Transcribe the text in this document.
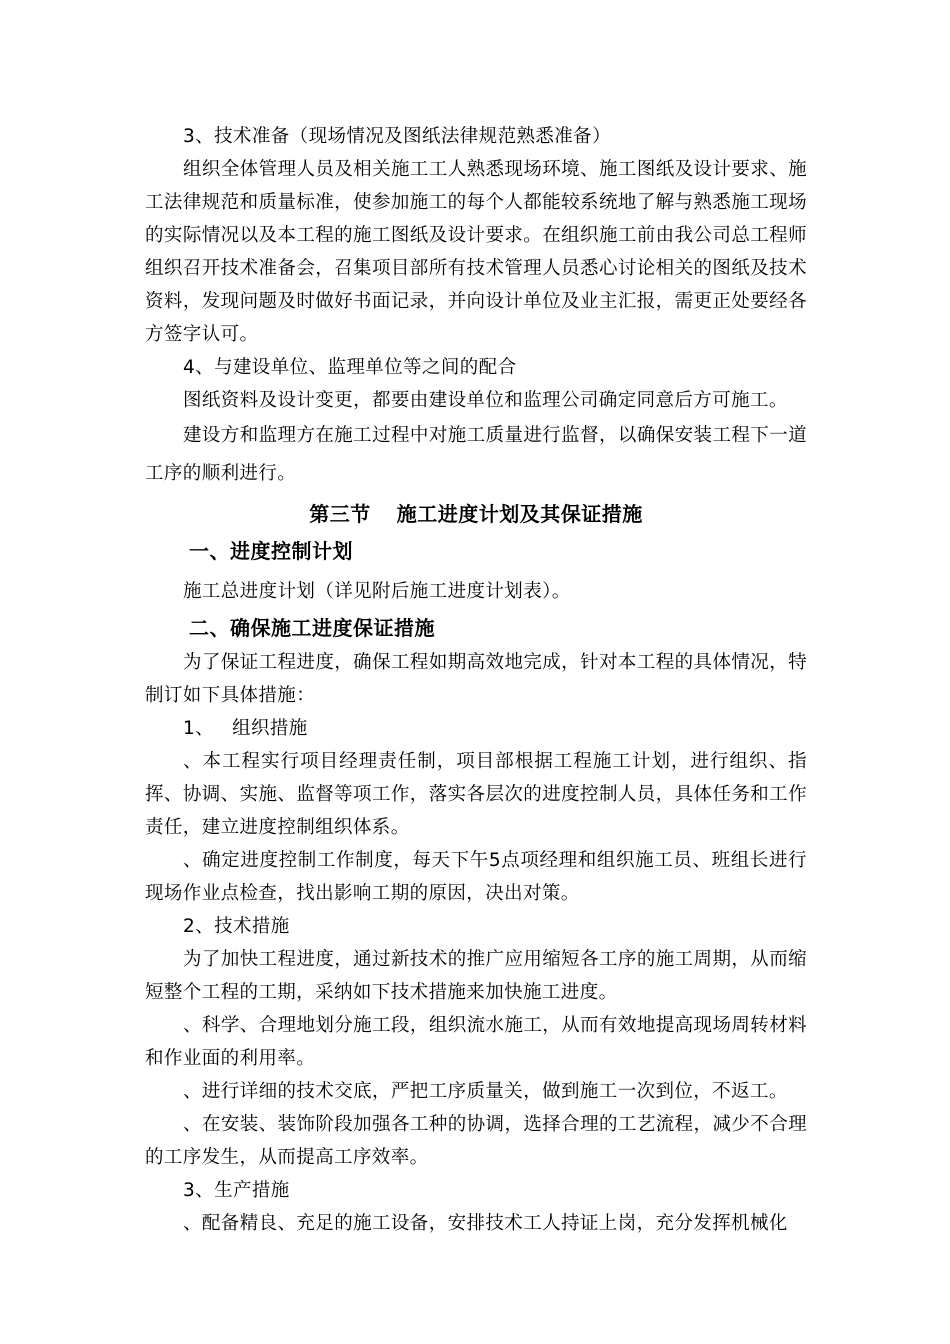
3、技术准备（现场情况及图纸法律规范熟悉准备）

组织全体管理人员及相关施工工人熟悉现场环境、施工图纸及设计要求、施工法律规范和质量标准，使参加施工的每个人都能较系统地了解与熟悉施工现场的实际情况以及本工程的施工图纸及设计要求。在组织施工前由我公司总工程师组织召开技术准备会，召集项目部所有技术管理人员悉心讨论相关的图纸及技术资料，发现问题及时做好书面记录，并向设计单位及业主汇报，需更正处要经各方签字认可。

4、与建设单位、监理单位等之间的配合

图纸资料及设计变更，都要由建设单位和监理公司确定同意后方可施工。

建设方和监理方在施工过程中对施工质量进行监督，以确保安装工程下一道工序的顺利进行。

第三节 施工进度计划及其保证措施
一、进度控制计划

施工总进度计划（详见附后施工进度计划表）。

二、确保施工进度保证措施

为了保证工程进度，确保工程如期高效地完成，针对本工程的具体情况，特制订如下具体措施：

1、 组织措施

、本工程实行项目经理责任制，项目部根据工程施工计划，进行组织、指挥、协调、实施、监督等项工作，落实各层次的进度控制人员，具体任务和工作责任，建立进度控制组织体系。

、确定进度控制工作制度，每天下午5点项经理和组织施工员、班组长进行现场作业点检查，找出影响工期的原因，决出对策。

2、技术措施

为了加快工程进度，通过新技术的推广应用缩短各工序的施工周期，从而缩短整个工程的工期，采纳如下技术措施来加快施工进度。

、科学、合理地划分施工段，组织流水施工，从而有效地提高现场周转材料和作业面的利用率。

、进行详细的技术交底，严把工序质量关，做到施工一次到位，不返工。

、在安装、装饰阶段加强各工种的协调，选择合理的工艺流程，减少不合理的工序发生，从而提高工序效率。

3、生产措施

、配备精良、充足的施工设备，安排技术工人持证上岗，充分发挥机械化
